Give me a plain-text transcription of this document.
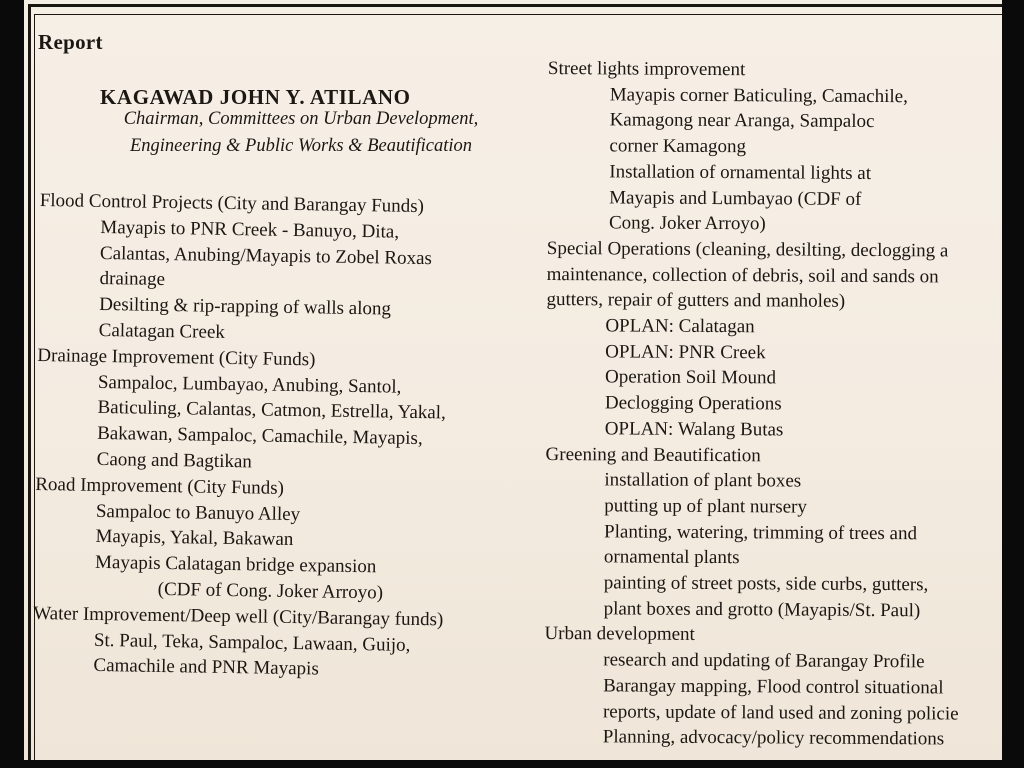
Report
KAGAWAD JOHN Y. ATILANO
Chairman, Committees on Urban Development,
Engineering & Public Works & Beautification
Flood Control Projects (City and Barangay Funds)
Mayapis to PNR Creek - Banuyo, Dita,
Calantas, Anubing/Mayapis to Zobel Roxas
drainage
Desilting & rip-rapping of walls along
Calatagan Creek
Drainage Improvement (City Funds)
Sampaloc, Lumbayao, Anubing, Santol,
Baticuling, Calantas, Catmon, Estrella, Yakal,
Bakawan, Sampaloc, Camachile, Mayapis,
Caong and Bagtikan
Road Improvement (City Funds)
Sampaloc to Banuyo Alley
Mayapis, Yakal, Bakawan
Mayapis Calatagan bridge expansion
(CDF of Cong. Joker Arroyo)
Water Improvement/Deep well (City/Barangay funds)
St. Paul, Teka, Sampaloc, Lawaan, Guijo,
Camachile and PNR Mayapis
Street lights improvement
Mayapis corner Baticuling, Camachile,
Kamagong near Aranga, Sampaloc
corner Kamagong
Installation of ornamental lights at
Mayapis and Lumbayao (CDF of
Cong. Joker Arroyo)
Special Operations (cleaning, desilting, declogging a
maintenance, collection of debris, soil and sands on
gutters, repair of gutters and manholes)
OPLAN: Calatagan
OPLAN: PNR Creek
Operation Soil Mound
Declogging Operations
OPLAN: Walang Butas
Greening and Beautification
installation of plant boxes
putting up of plant nursery
Planting, watering, trimming of trees and
ornamental plants
painting of street posts, side curbs, gutters,
plant boxes and grotto (Mayapis/St. Paul)
Urban development
research and updating of Barangay Profile
Barangay mapping, Flood control situational
reports, update of land used and zoning policie
Planning, advocacy/policy recommendations
